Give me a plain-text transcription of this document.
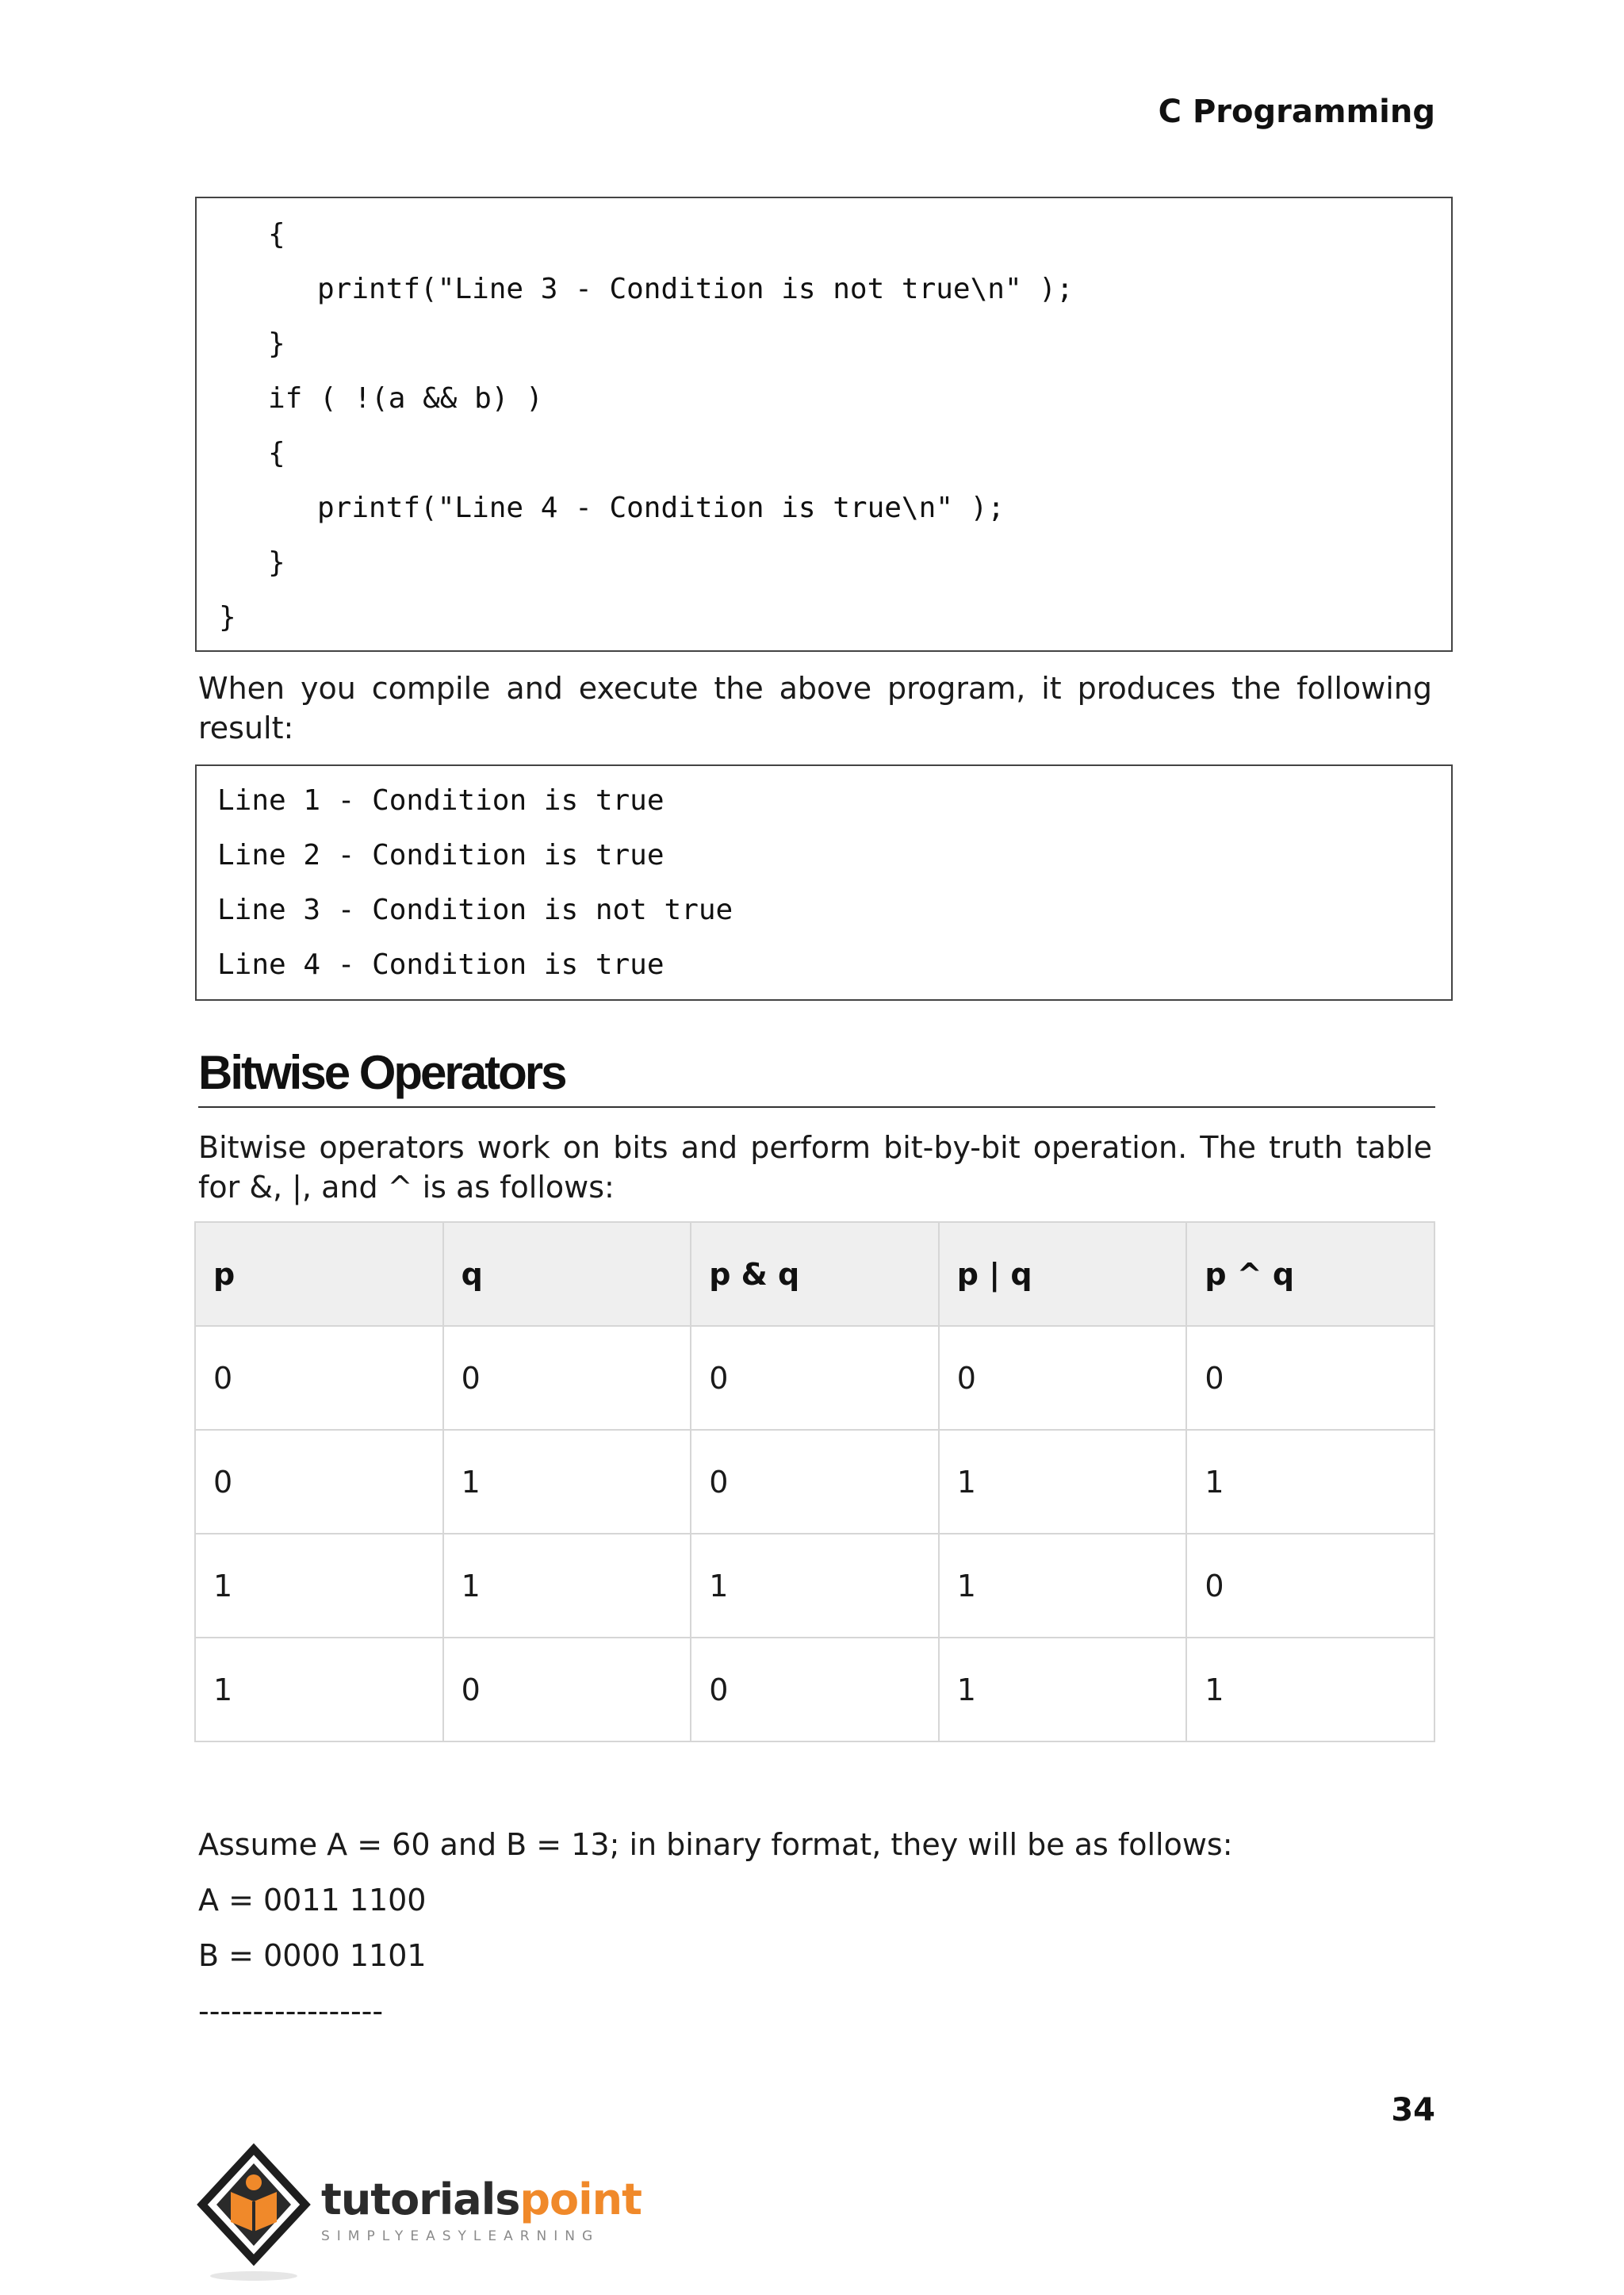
C Programming
{
printf("Line 3 - Condition is not true\n" );
}
if ( !(a && b) )
{
printf("Line 4 - Condition is true\n" );
}
}
When you compile and execute the above program, it produces the following result:
Line 1 - Condition is true
Line 2 - Condition is true
Line 3 - Condition is not true
Line 4 - Condition is true
Bitwise Operators
Bitwise operators work on bits and perform bit-by-bit operation. The truth table for &, |, and ^ is as follows:
p	q	p & q	p | q	p ^ q
0	0	0	0	0
0	1	0	1	1
1	1	1	1	0
1	0	0	1	1
Assume A = 60 and B = 13; in binary format, they will be as follows:
A = 0011 1100
B = 0000 1101
-----------------
34
tutorialspoint
SIMPLYEASYLEARNING
